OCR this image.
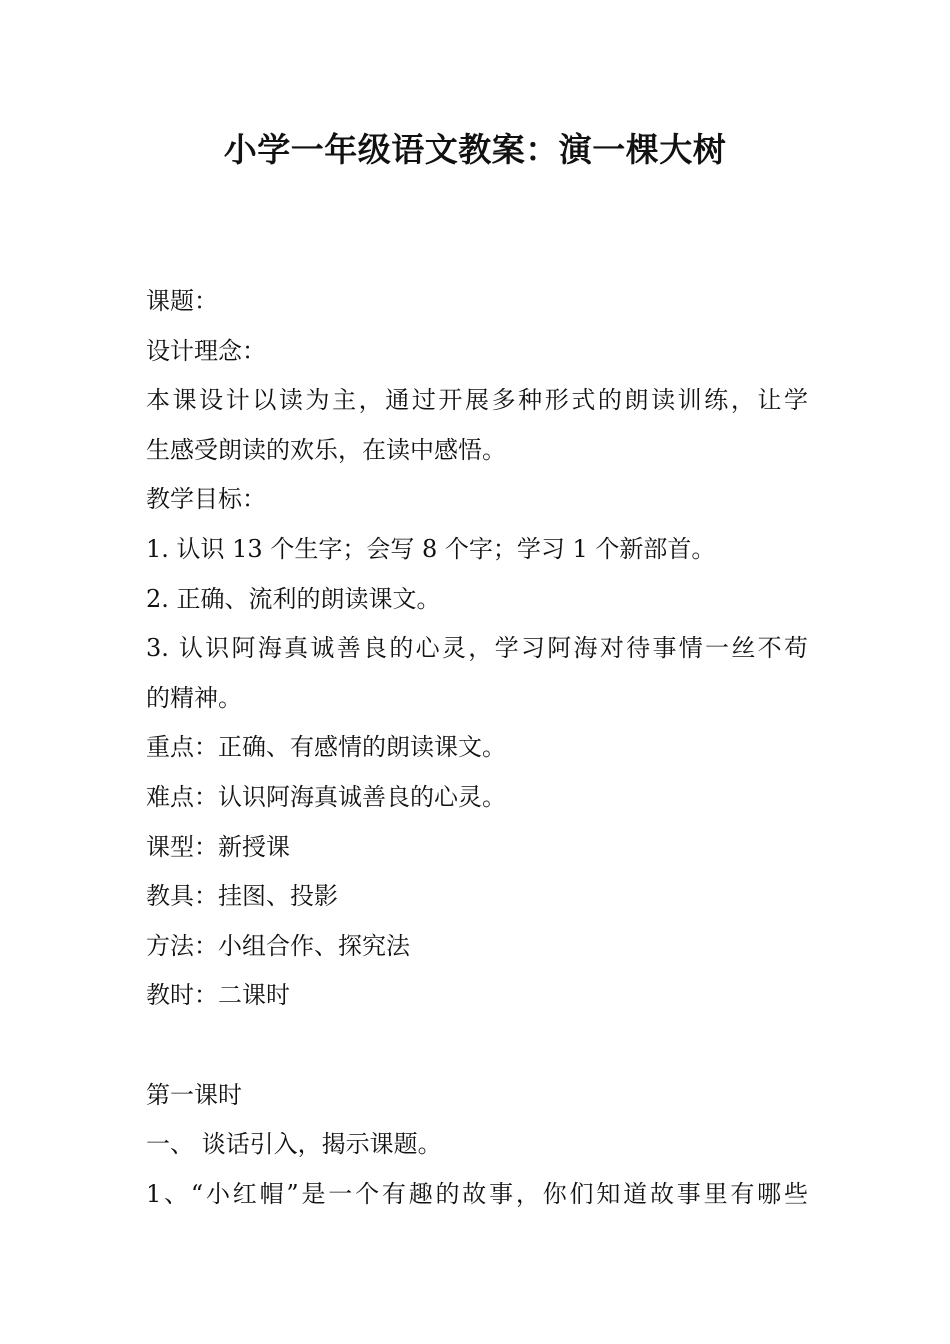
小学一年级语文教案：演一棵大树
课题：
设计理念：
本课设计以读为主，通过开展多种形式的朗读训练，让学
生感受朗读的欢乐，在读中感悟。
教学目标：
1. 认识 13 个生字；会写 8 个字；学习 1 个新部首。
2. 正确、流利的朗读课文。
3. 认识阿海真诚善良的心灵，学习阿海对待事情一丝不苟
的精神。
重点：正确、有感情的朗读课文。
难点：认识阿海真诚善良的心灵。
课型：新授课
教具：挂图、投影
方法：小组合作、探究法
教时：二课时
第一课时
一、 谈话引入，揭示课题。
1、“小红帽”是一个有趣的故事，你们知道故事里有哪些
